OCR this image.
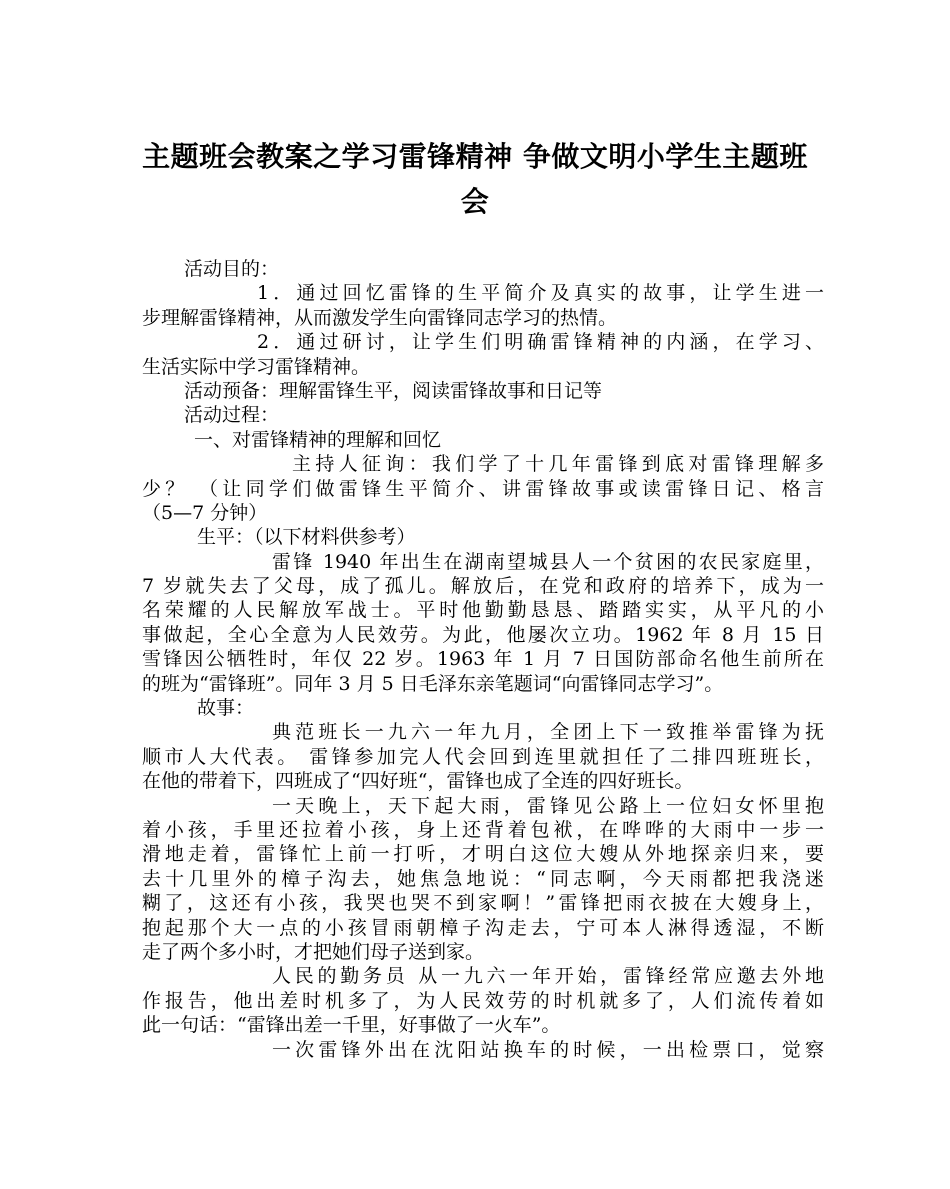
主题班会教案之学习雷锋精神 争做文明小学生主题班
会
活动目的：
1．通过回忆雷锋的生平简介及真实的故事，让学生进一
步理解雷锋精神，从而激发学生向雷锋同志学习的热情。
2．通过研讨，让学生们明确雷锋精神的内涵，在学习、
生活实际中学习雷锋精神。
活动预备：理解雷锋生平，阅读雷锋故事和日记等
活动过程：
一、对雷锋精神的理解和回忆
主持人征询：我们学了十几年雷锋到底对雷锋理解多
少？ （让同学们做雷锋生平简介、讲雷锋故事或读雷锋日记、格言
（5—7 分钟）
生平：（以下材料供参考）
雷锋 1940 年出生在湖南望城县人一个贫困的农民家庭里，
7 岁就失去了父母，成了孤儿。解放后，在党和政府的培养下，成为一
名荣耀的人民解放军战士。平时他勤勤恳恳、踏踏实实，从平凡的小
事做起，全心全意为人民效劳。为此，他屡次立功。1962 年 8 月 15 日
雪锋因公牺牲时，年仅 22 岁。1963 年 1 月 7 日国防部命名他生前所在
的班为“雷锋班”。同年 3 月 5 日毛泽东亲笔题词“向雷锋同志学习”。
故事：
典范班长一九六一年九月，全团上下一致推举雷锋为抚
顺市人大代表。 雷锋参加完人代会回到连里就担任了二排四班班长，
在他的带着下，四班成了“四好班“，雷锋也成了全连的四好班长。
一天晚上，天下起大雨，雷锋见公路上一位妇女怀里抱
着小孩，手里还拉着小孩，身上还背着包袱，在哗哗的大雨中一步一
滑地走着，雷锋忙上前一打听，才明白这位大嫂从外地探亲归来，要
去十几里外的樟子沟去，她焦急地说：“同志啊，今天雨都把我浇迷
糊了，这还有小孩，我哭也哭不到家啊！”雷锋把雨衣披在大嫂身上，
抱起那个大一点的小孩冒雨朝樟子沟走去，宁可本人淋得透湿，不断
走了两个多小时，才把她们母子送到家。
人民的勤务员 从一九六一年开始，雷锋经常应邀去外地
作报告，他出差时机多了，为人民效劳的时机就多了，人们流传着如
此一句话：“雷锋出差一千里，好事做了一火车”。
一次雷锋外出在沈阳站换车的时候，一出检票口，觉察
